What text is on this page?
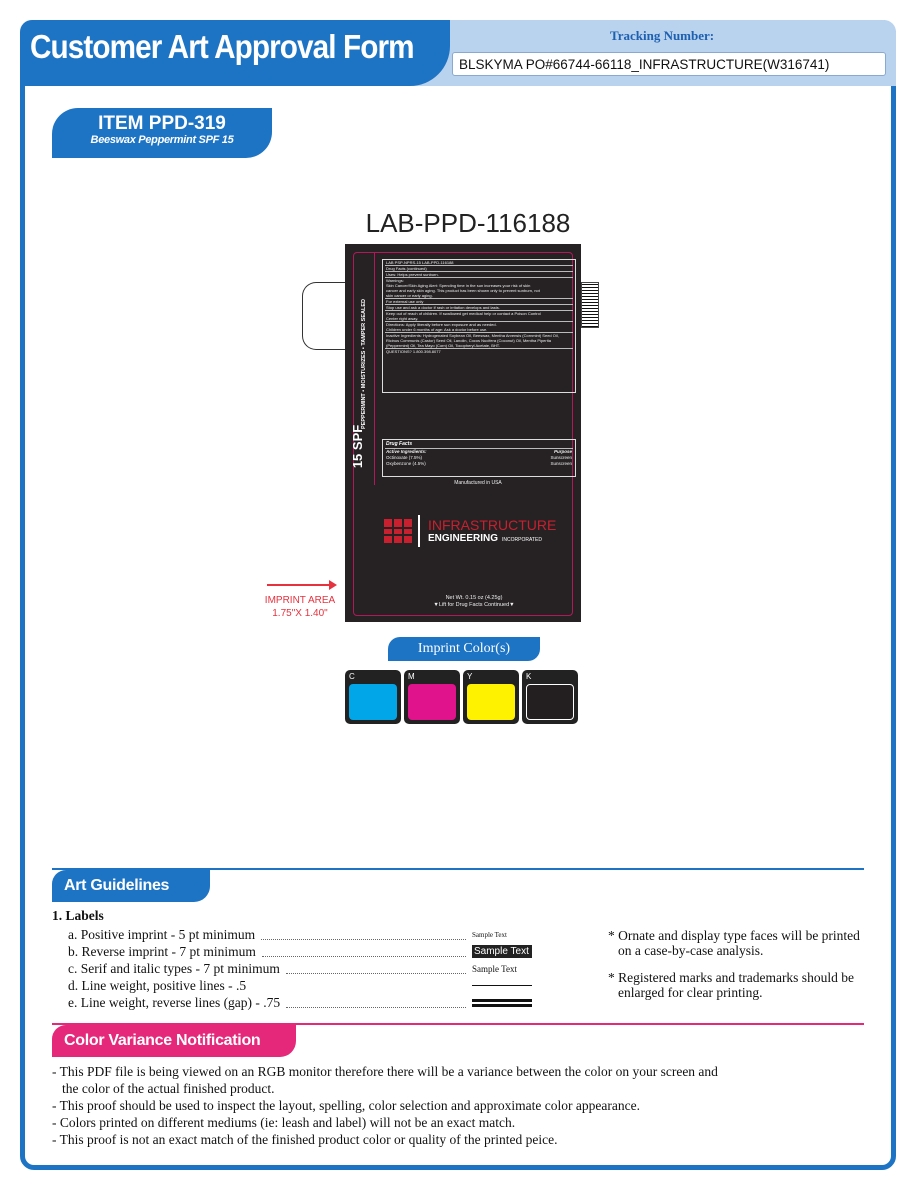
Customer Art Approval Form	Tracking Number:
BLSKYMA PO#66744-66118_INFRASTRUCTURE(W316741)
ITEM PPD-319
Beeswax Peppermint SPF 15
LAB-PPD-116188
PEPPERMINT • MOISTURIZES • TAMPER SEALED
15 SPF
LAB PSP-NPRS-15 LAB-PPD-116188
Drug Facts (continued)
Uses: Helps prevent sunburn.
Warnings:
Skin Cancer/Skin Aging Alert: Spending time in the sun increases your risk of skin
cancer and early skin aging. This product has been shown only to prevent sunburn, not
skin cancer or early aging.
For external use only
Stop use and ask a doctor if rash or irritation develops and lasts.
Keep out of reach of children. If swallowed get medical help or contact a Poison Control
Center right away.
Directions: Apply liberally before sun exposure and as needed.
Children under 6 months of age: Ask a doctor before use.
Inactive Ingredients: Hydrogenated Soybean Oil, Beeswax, Mentha Arvensis (Cornmint) Seed Oil,
Ricinus Communis (Castor) Seed Oil, Lanolin, Cocos Nucifera (Coconut) Oil, Mentha Piperita
(Peppermint) Oil, Tea Mayo (Corn) Oil, Tocopheryl Acetate, BHT.
QUESTIONS? 1.800.398.8077
Drug Facts
Active Ingredients:	Purpose
Octinoxate (7.5%)	Sunscreen
Oxybenzone (4.5%)	Sunscreen
Manufactured in USA
INFRASTRUCTURE
ENGINEERING INCORPORATED
Net Wt. 0.15 oz (4.25g)
▼Lift for Drug Facts Continued▼
IMPRINT AREA
1.75"X 1.40"
Imprint Color(s)
C	M	Y	K
Art Guidelines
1. Labels
a. Positive imprint - 5 pt minimum	Sample Text
b. Reverse imprint - 7 pt minimum	Sample Text
c. Serif and italic types - 7 pt minimum	Sample Text
d. Line weight, positive lines - .5
e. Line weight, reverse lines (gap) - .75
* Ornate and display type faces will be printed on a case-by-case analysis.
* Registered marks and trademarks should be enlarged for clear printing.
Color Variance Notification
- This PDF file is being viewed on an RGB monitor therefore there will be a variance between the color on your screen and the color of the actual finished product.
- This proof should be used to inspect the layout, spelling, color selection and approximate color appearance.
- Colors printed on different mediums (ie: leash and label) will not be an exact match.
- This proof is not an exact match of the finished product color or quality of the printed peice.
